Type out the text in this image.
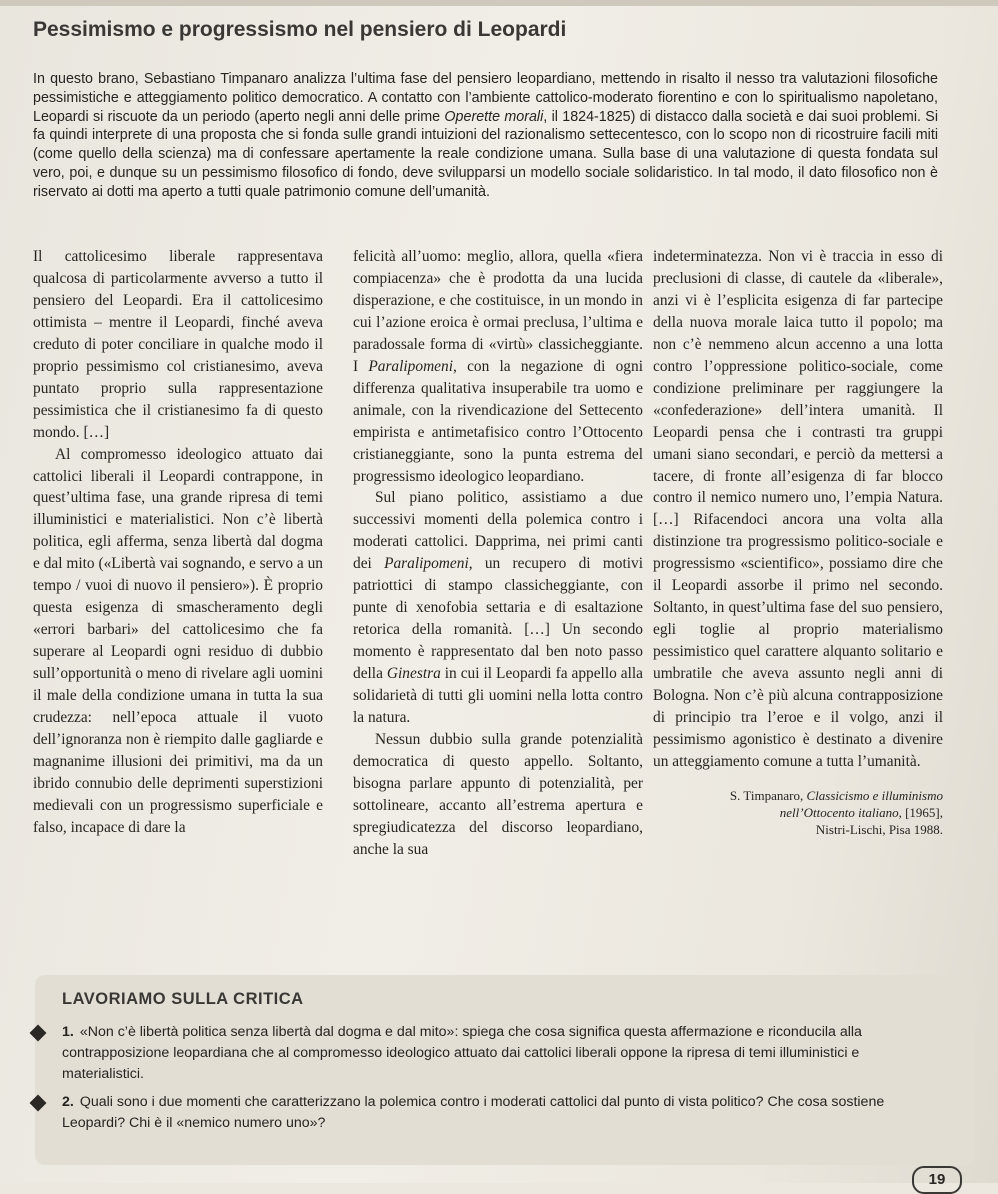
Pessimismo e progressismo nel pensiero di Leopardi

In questo brano, Sebastiano Timpanaro analizza l’ultima fase del pensiero leopardiano, mettendo in risalto il nesso tra valutazioni filosofiche pessimistiche e atteggiamento politico democratico. A contatto con l’ambiente cattolico-moderato fiorentino e con lo spiritualismo napoletano, Leopardi si riscuote da un periodo (aperto negli anni delle prime Operette morali, il 1824-1825) di distacco dalla società e dai suoi problemi. Si fa quindi interprete di una proposta che si fonda sulle grandi intuizioni del razionalismo settecentesco, con lo scopo non di ricostruire facili miti (come quello della scienza) ma di confessare apertamente la reale condizione umana. Sulla base di una valutazione di questa fondata sul vero, poi, e dunque su un pessimismo filosofico di fondo, deve svilupparsi un modello sociale solidaristico. In tal modo, il dato filosofico non è riservato ai dotti ma aperto a tutti quale patrimonio comune dell’umanità.

Il cattolicesimo liberale rappresentava qualcosa di particolarmente avverso a tutto il pensiero del Leopardi. Era il cattolicesimo ottimista – mentre il Leopardi, finché aveva creduto di poter conciliare in qualche modo il proprio pessimismo col cristianesimo, aveva puntato proprio sulla rappresentazione pessimistica che il cristianesimo fa di questo mondo. […]

Al compromesso ideologico attuato dai cattolici liberali il Leopardi contrappone, in quest’ultima fase, una grande ripresa di temi illuministici e materialistici. Non c’è libertà politica, egli afferma, senza libertà dal dogma e dal mito («Libertà vai sognando, e servo a un tempo / vuoi di nuovo il pensiero»). È proprio questa esigenza di smascheramento degli «errori barbari» del cattolicesimo che fa superare al Leopardi ogni residuo di dubbio sull’opportunità o meno di rivelare agli uomini il male della condizione umana in tutta la sua crudezza: nell’epoca attuale il vuoto dell’ignoranza non è riempito dalle gagliarde e magnanime illusioni dei primitivi, ma da un ibrido connubio delle deprimenti superstizioni medievali con un progressismo superficiale e falso, incapace di dare la

felicità all’uomo: meglio, allora, quella «fiera compiacenza» che è prodotta da una lucida disperazione, e che costituisce, in un mondo in cui l’azione eroica è ormai preclusa, l’ultima e paradossale forma di «virtù» classicheggiante. I Paralipomeni, con la negazione di ogni differenza qualitativa insuperabile tra uomo e animale, con la rivendicazione del Settecento empirista e antimetafisico contro l’Ottocento cristianeggiante, sono la punta estrema del progressismo ideologico leopardiano.

Sul piano politico, assistiamo a due successivi momenti della polemica contro i moderati cattolici. Dapprima, nei primi canti dei Paralipomeni, un recupero di motivi patriottici di stampo classicheggiante, con punte di xenofobia settaria e di esaltazione retorica della romanità. […] Un secondo momento è rappresentato dal ben noto passo della Ginestra in cui il Leopardi fa appello alla solidarietà di tutti gli uomini nella lotta contro la natura.

Nessun dubbio sulla grande potenzialità democratica di questo appello. Soltanto, bisogna parlare appunto di potenzialità, per sottolineare, accanto all’estrema apertura e spregiudicatezza del discorso leopardiano, anche la sua

indeterminatezza. Non vi è traccia in esso di preclusioni di classe, di cautele da «liberale», anzi vi è l’esplicita esigenza di far partecipe della nuova morale laica tutto il popolo; ma non c’è nemmeno alcun accenno a una lotta contro l’oppressione politico-sociale, come condizione preliminare per raggiungere la «confederazione» dell’intera umanità. Il Leopardi pensa che i contrasti tra gruppi umani siano secondari, e perciò da mettersi a tacere, di fronte all’esigenza di far blocco contro il nemico numero uno, l’empia Natura. […] Rifacendoci ancora una volta alla distinzione tra progressismo politico-sociale e progressismo «scientifico», possiamo dire che il Leopardi assorbe il primo nel secondo. Soltanto, in quest’ultima fase del suo pensiero, egli toglie al proprio materialismo pessimistico quel carattere alquanto solitario e umbratile che aveva assunto negli anni di Bologna. Non c’è più alcuna contrapposizione di principio tra l’eroe e il volgo, anzi il pessimismo agonistico è destinato a divenire un atteggiamento comune a tutta l’umanità.

S. Timpanaro, Classicismo e illuminismo nell’Ottocento italiano, [1965],
Nistri-Lischi, Pisa 1988.
LAVORIAMO SULLA CRITICA

1. «Non c’è libertà politica senza libertà dal dogma e dal mito»: spiega che cosa significa questa affermazione e riconducila alla contrapposizione leopardiana che al compromesso ideologico attuato dai cattolici liberali oppone la ripresa di temi illuministici e materialistici.

2. Quali sono i due momenti che caratterizzano la polemica contro i moderati cattolici dal punto di vista politico? Che cosa sostiene Leopardi? Chi è il «nemico numero uno»?

19
